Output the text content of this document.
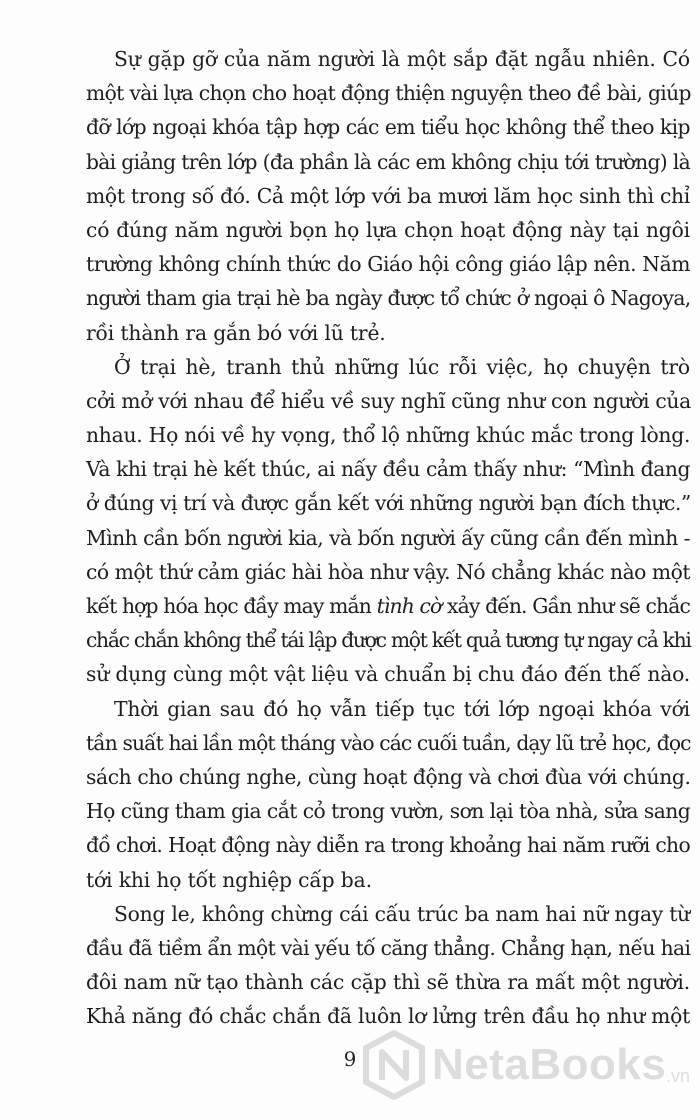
Sự gặp gỡ của năm người là một sắp đặt ngẫu nhiên. Có
một vài lựa chọn cho hoạt động thiện nguyện theo đề bài, giúp
đỡ lớp ngoại khóa tập hợp các em tiểu học không thể theo kịp
bài giảng trên lớp (đa phần là các em không chịu tới trường) là
một trong số đó. Cả một lớp với ba mươi lăm học sinh thì chỉ
có đúng năm người bọn họ lựa chọn hoạt động này tại ngôi
trường không chính thức do Giáo hội công giáo lập nên. Năm
người tham gia trại hè ba ngày được tổ chức ở ngoại ô Nagoya,
rồi thành ra gắn bó với lũ trẻ.
Ở trại hè, tranh thủ những lúc rỗi việc, họ chuyện trò
cởi mở với nhau để hiểu về suy nghĩ cũng như con người của
nhau. Họ nói về hy vọng, thổ lộ những khúc mắc trong lòng.
Và khi trại hè kết thúc, ai nấy đều cảm thấy như: “Mình đang
ở đúng vị trí và được gắn kết với những người bạn đích thực.”
Mình cần bốn người kia, và bốn người ấy cũng cần đến mình -
có một thứ cảm giác hài hòa như vậy. Nó chẳng khác nào một
kết hợp hóa học đầy may mắn tình cờ xảy đến. Gần như sẽ chắc
chắc chắn không thể tái lập được một kết quả tương tự ngay cả khi
sử dụng cùng một vật liệu và chuẩn bị chu đáo đến thế nào.
Thời gian sau đó họ vẫn tiếp tục tới lớp ngoại khóa với
tần suất hai lần một tháng vào các cuối tuần, dạy lũ trẻ học, đọc
sách cho chúng nghe, cùng hoạt động và chơi đùa với chúng.
Họ cũng tham gia cắt cỏ trong vườn, sơn lại tòa nhà, sửa sang
đồ chơi. Hoạt động này diễn ra trong khoảng hai năm rưỡi cho
tới khi họ tốt nghiệp cấp ba.
Song le, không chừng cái cấu trúc ba nam hai nữ ngay từ
đầu đã tiềm ẩn một vài yếu tố căng thẳng. Chẳng hạn, nếu hai
đôi nam nữ tạo thành các cặp thì sẽ thừa ra mất một người.
Khả năng đó chắc chắn đã luôn lơ lửng trên đầu họ như một
9 NetaBooks .vn
